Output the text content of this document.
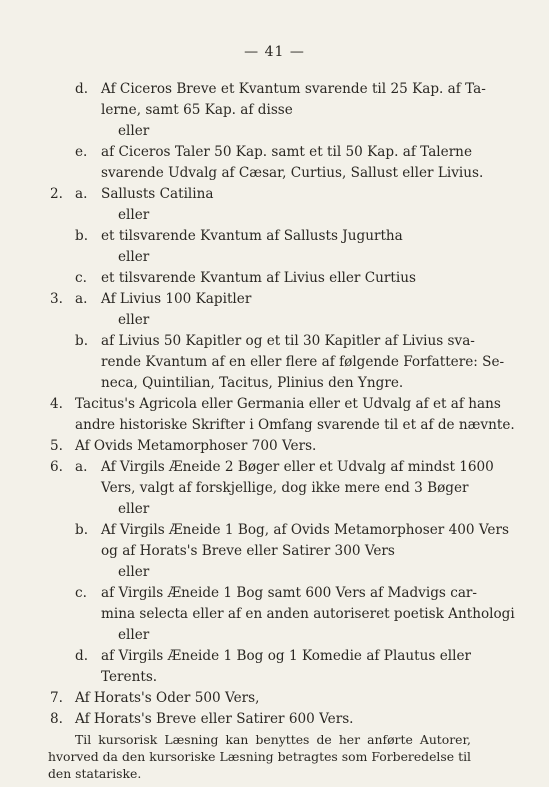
— 41 —
d. Af Ciceros Breve et Kvantum svarende til 25 Kap. af Ta-
lerne, samt 65 Kap. af disse
eller
e. af Ciceros Taler 50 Kap. samt et til 50 Kap. af Talerne
svarende Udvalg af Cæsar, Curtius, Sallust eller Livius.
2. a. Sallusts Catilina
eller
b. et tilsvarende Kvantum af Sallusts Jugurtha
eller
c. et tilsvarende Kvantum af Livius eller Curtius
3. a. Af Livius 100 Kapitler
eller
b. af Livius 50 Kapitler og et til 30 Kapitler af Livius sva-
rende Kvantum af en eller flere af følgende Forfattere: Se-
neca, Quintilian, Tacitus, Plinius den Yngre.
4. Tacitus's Agricola eller Germania eller et Udvalg af et af hans
andre historiske Skrifter i Omfang svarende til et af de nævnte.
5. Af Ovids Metamorphoser 700 Vers.
6. a. Af Virgils Æneide 2 Bøger eller et Udvalg af mindst 1600
Vers, valgt af forskjellige, dog ikke mere end 3 Bøger
eller
b. Af Virgils Æneide 1 Bog, af Ovids Metamorphoser 400 Vers
og af Horats's Breve eller Satirer 300 Vers
eller
c. af Virgils Æneide 1 Bog samt 600 Vers af Madvigs car-
mina selecta eller af en anden autoriseret poetisk Anthologi
eller
d. af Virgils Æneide 1 Bog og 1 Komedie af Plautus eller
Terents.
7. Af Horats's Oder 500 Vers,
8. Af Horats's Breve eller Satirer 600 Vers.
Til kursorisk Læsning kan benyttes de her anførte Autorer,
hvorved da den kursoriske Læsning betragtes som Forberedelse til
den statariske.
